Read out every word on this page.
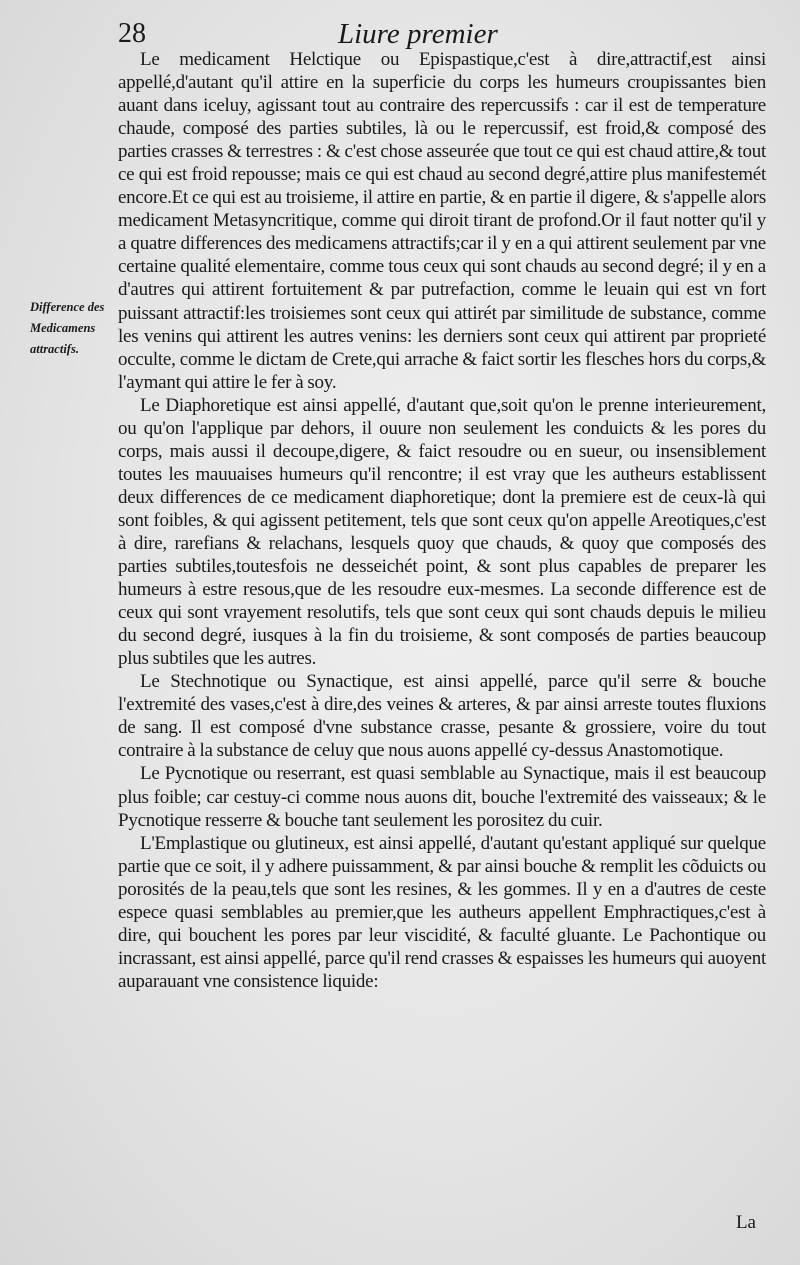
28	Liure premier

Difference des Medicamens attractifs.

Le medicament Helctique ou Epispastique,c'est à dire,attractif,est ainsi appellé,d'autant qu'il attire en la superficie du corps les humeurs croupissantes bien auant dans iceluy, agissant tout au contraire des repercussifs : car il est de temperature chaude, composé des parties subtiles, là ou le repercussif, est froid,& composé des parties crasses & terrestres : & c'est chose asseurée que tout ce qui est chaud attire,& tout ce qui est froid repousse; mais ce qui est chaud au second degré,attire plus manifestemét encore.Et ce qui est au troisieme, il attire en partie, & en partie il digere, & s'appelle alors medicament Metasyncritique, comme qui diroit tirant de profond.Or il faut notter qu'il y a quatre differences des medicamens attractifs;car il y en a qui attirent seulement par vne certaine qualité elementaire, comme tous ceux qui sont chauds au second degré; il y en a d'autres qui attirent fortuitement & par putrefaction, comme le leuain qui est vn fort puissant attractif:les troisiemes sont ceux qui attirét par similitude de substance, comme les venins qui attirent les autres venins: les derniers sont ceux qui attirent par proprieté occulte, comme le dictam de Crete,qui arrache & faict sortir les flesches hors du corps,& l'aymant qui attire le fer à soy.

Le Diaphoretique est ainsi appellé, d'autant que,soit qu'on le prenne interieurement, ou qu'on l'applique par dehors, il ouure non seulement les conduicts & les pores du corps, mais aussi il decoupe,digere, & faict resoudre ou en sueur, ou insensiblement toutes les mauuaises humeurs qu'il rencontre; il est vray que les autheurs establissent deux differences de ce medicament diaphoretique; dont la premiere est de ceux-là qui sont foibles, & qui agissent petitement, tels que sont ceux qu'on appelle Areotiques,c'est à dire, rarefians & relachans, lesquels quoy que chauds, & quoy que composés des parties subtiles,toutesfois ne desseichét point, & sont plus capables de preparer les humeurs à estre resous,que de les resoudre eux-mesmes. La seconde difference est de ceux qui sont vrayement resolutifs, tels que sont ceux qui sont chauds depuis le milieu du second degré, iusques à la fin du troisieme, & sont composés de parties beaucoup plus subtiles que les autres.

Le Stechnotique ou Synactique, est ainsi appellé, parce qu'il serre & bouche l'extremité des vases,c'est à dire,des veines & arteres, & par ainsi arreste toutes fluxions de sang. Il est composé d'vne substance crasse, pesante & grossiere, voire du tout contraire à la substance de celuy que nous auons appellé cy-dessus Anastomotique.

Le Pycnotique ou reserrant, est quasi semblable au Synactique, mais il est beaucoup plus foible; car cestuy-ci comme nous auons dit, bouche l'extremité des vaisseaux; & le Pycnotique resserre & bouche tant seulement les porositez du cuir.

L'Emplastique ou glutineux, est ainsi appellé, d'autant qu'estant appliqué sur quelque partie que ce soit, il y adhere puissamment, & par ainsi bouche & remplit les cõduicts ou porosités de la peau,tels que sont les resines, & les gommes. Il y en a d'autres de ceste espece quasi semblables au premier,que les autheurs appellent Emphractiques,c'est à dire, qui bouchent les pores par leur viscidité, & faculté gluante. Le Pachontique ou incrassant, est ainsi appellé, parce qu'il rend crasses & espaisses les humeurs qui auoyent auparauant vne consistence liquide:

La
